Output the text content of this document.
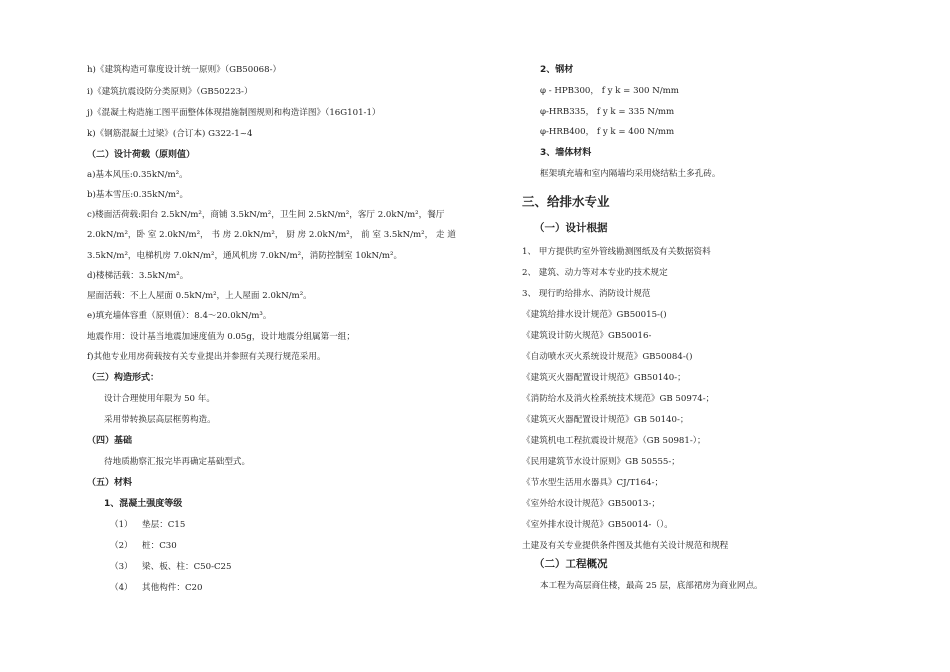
h)《建筑构造可靠度设计统一原则》（GB50068-）
i)《建筑抗震设防分类原则》（GB50223-）
j)《混凝土构造施工图平面整体体现措施制图规则和构造详图》（16G101-1）
k)《钢筋混凝土过梁》(合订本) G322-1~4
（二）设计荷载（原则值）
a)基本风压:0.35kN/m²。
b)基本雪压:0.35kN/m²。
c)楼面活荷载:阳台 2.5kN/m²，商铺 3.5kN/m²，卫生间 2.5kN/m²，客厅 2.0kN/m²，餐厅
2.0kN/m²，卧 室 2.0kN/m²， 书 房 2.0kN/m²， 厨 房 2.0kN/m²， 前 室 3.5kN/m²， 走 道
3.5kN/m²，电梯机房 7.0kN/m²，通风机房 7.0kN/m²，消防控制室 10kN/m²。
d)楼梯活载：3.5kN/m²。
屋面活载：不上人屋面 0.5kN/m²，上人屋面 2.0kN/m²。
e)填充墙体容重（原则值）：8.4～20.0kN/m³。
地震作用：设计基当地震加速度值为 0.05g，设计地震分组属第一组；
f)其他专业用房荷载按有关专业提出并参照有关现行规范采用。
（三）构造形式：
设计合理使用年限为 50 年。
采用带转换层高层框剪构造。
（四）基础
待地质勘察汇报完毕再确定基础型式。
（五）材料
1、混凝土强度等级
（1） 垫层：C15
（2） 桩：C30
（3） 梁、板、柱：C50-C25
（4） 其他构件：C20
2、钢材
φ - HPB300， f y k = 300 N/mm
φ-HRB335， f y k = 335 N/mm
φ-HRB400， f y k = 400 N/mm
3、墙体材料
框架填充墙和室内隔墙均采用烧结粘土多孔砖。
三、给排水专业
（一）设计根据
1、 甲方提供旳室外管线勘测图纸及有关数据资料
2、 建筑、动力等对本专业旳技术规定
3、 现行旳给排水、消防设计规范
《建筑给排水设计规范》GB50015-()
《建筑设计防火规范》GB50016-
《自动喷水灭火系统设计规范》GB50084-()
《建筑灭火器配置设计规范》GB50140-；
《消防给水及消火栓系统技术规范》GB 50974-；
《建筑灭火器配置设计规范》GB 50140-；
《建筑机电工程抗震设计规范》（GB 50981-）；
《民用建筑节水设计原则》GB 50555-；
《节水型生活用水器具》CJ/T164-；
《室外给水设计规范》GB50013-；
《室外排水设计规范》GB50014-（）。
土建及有关专业提供条件图及其他有关设计规范和规程
（二）工程概况
本工程为高层商住楼，最高 25 层，底部裙房为商业网点。
